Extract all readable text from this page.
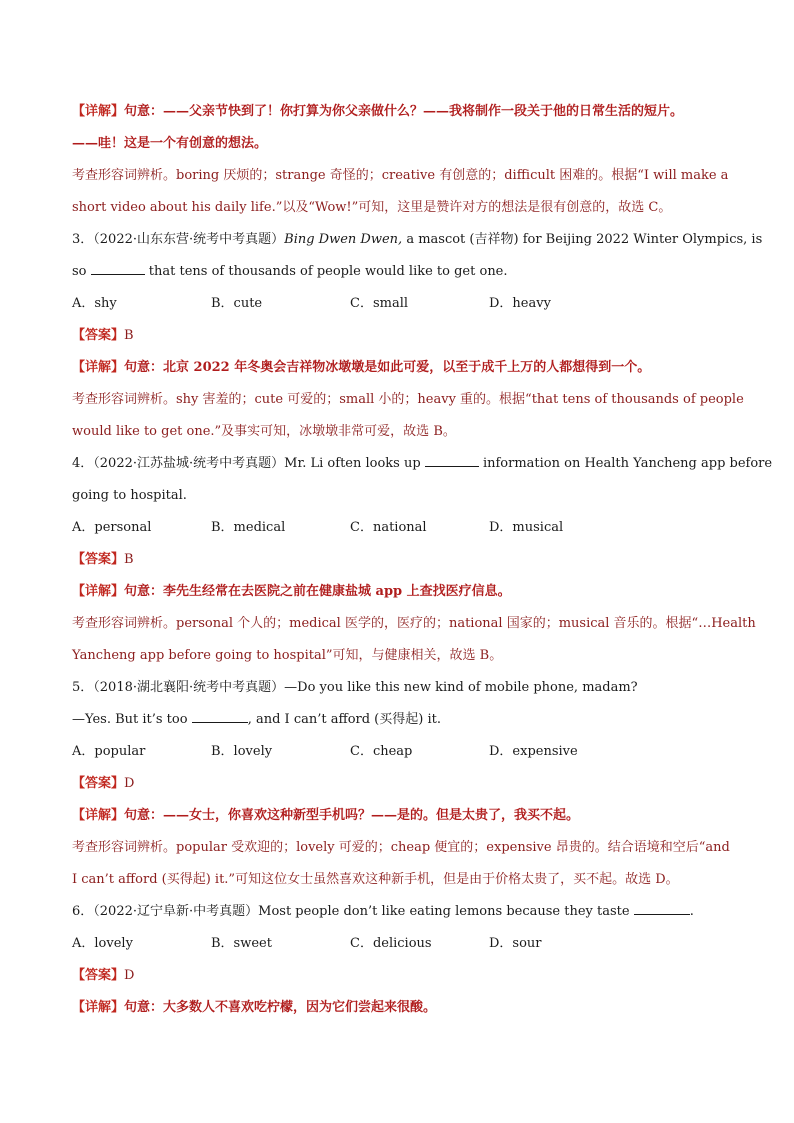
【详解】句意：——父亲节快到了！你打算为你父亲做什么？——我将制作一段关于他的日常生活的短片。
——哇！这是一个有创意的想法。
考查形容词辨析。boring 厌烦的；strange 奇怪的；creative 有创意的；difficult 困难的。根据“I will make a
short video about his daily life.”以及“Wow!”可知，这里是赞许对方的想法是很有创意的，故选 C。
3．（2022·山东东营·统考中考真题）Bing Dwen Dwen, a mascot (吉祥物) for Beijing 2022 Winter Olympics, is
so	that tens of thousands of people would like to get one.
A．shy	B．cute	C．small	D．heavy
【答案】B
【详解】句意：北京 2022 年冬奥会吉祥物冰墩墩是如此可爱，以至于成千上万的人都想得到一个。
考查形容词辨析。shy 害羞的；cute 可爱的；small 小的；heavy 重的。根据“that tens of thousands of people
would like to get one.”及事实可知，冰墩墩非常可爱，故选 B。
4．（2022·江苏盐城·统考中考真题）Mr. Li often looks up	information on Health Yancheng app before
going to hospital.
A．personal	B．medical	C．national	D．musical
【答案】B
【详解】句意：李先生经常在去医院之前在健康盐城 app 上查找医疗信息。
考查形容词辨析。personal 个人的；medical 医学的，医疗的；national 国家的；musical 音乐的。根据“…Health
Yancheng app before going to hospital”可知，与健康相关，故选 B。
5．（2018·湖北襄阳·统考中考真题）—Do you like this new kind of mobile phone, madam?
—Yes. But it’s too	, and I can’t afford (买得起) it.
A．popular	B．lovely	C．cheap	D．expensive
【答案】D
【详解】句意：——女士，你喜欢这种新型手机吗？——是的。但是太贵了，我买不起。
考查形容词辨析。popular 受欢迎的；lovely 可爱的；cheap 便宜的；expensive 昂贵的。结合语境和空后“and
I can’t afford (买得起) it.”可知这位女士虽然喜欢这种新手机，但是由于价格太贵了，买不起。故选 D。
6．（2022·辽宁阜新·中考真题）Most people don’t like eating lemons because they taste	.
A．lovely	B．sweet	C．delicious	D．sour
【答案】D
【详解】句意：大多数人不喜欢吃柠檬，因为它们尝起来很酸。
